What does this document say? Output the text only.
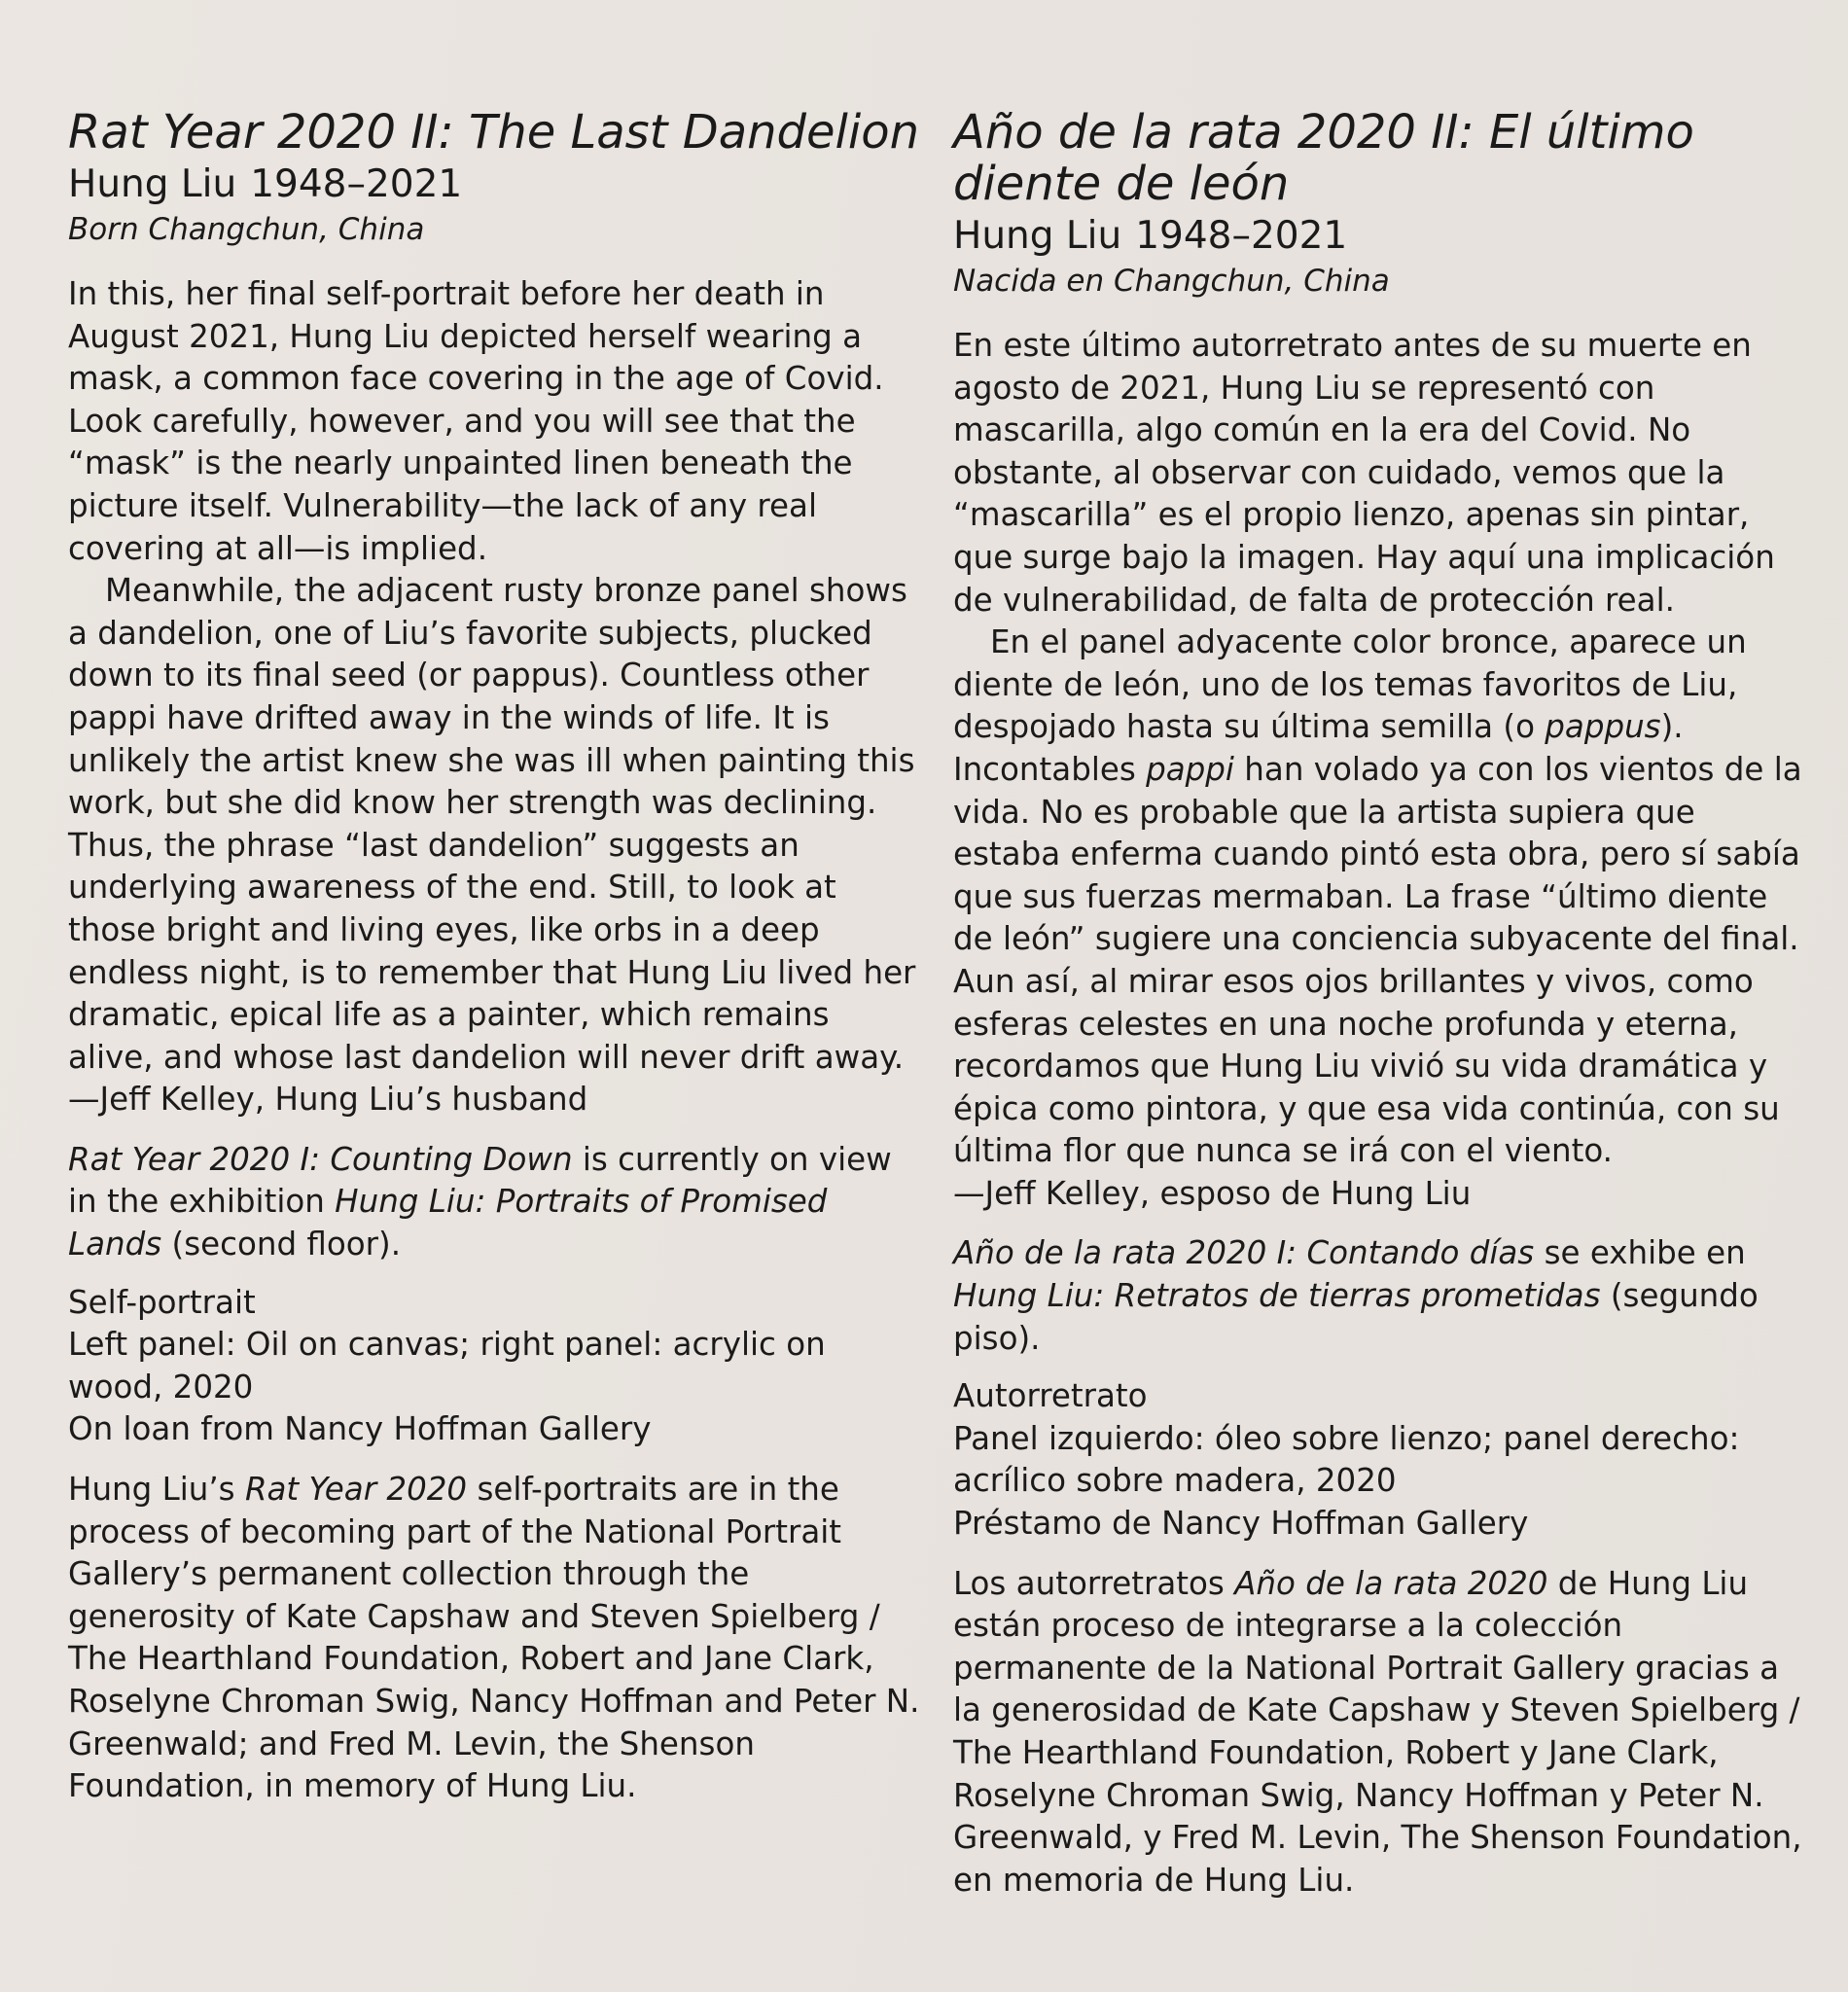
Rat Year 2020 II: The Last Dandelion

Hung Liu 1948–2021

Born Changchun, China

In this, her final self-portrait before her death in August 2021, Hung Liu depicted herself wearing a mask, a common face covering in the age of Covid. Look carefully, however, and you will see that the “mask” is the nearly unpainted linen beneath the picture itself. Vulnerability—the lack of any real covering at all—is implied.

Meanwhile, the adjacent rusty bronze panel shows a dandelion, one of Liu’s favorite subjects, plucked down to its final seed (or pappus). Countless other pappi have drifted away in the winds of life. It is unlikely the artist knew she was ill when painting this work, but she did know her strength was declining. Thus, the phrase “last dandelion” suggests an underlying awareness of the end. Still, to look at those bright and living eyes, like orbs in a deep endless night, is to remember that Hung Liu lived her dramatic, epical life as a painter, which remains alive, and whose last dandelion will never drift away.

—Jeff Kelley, Hung Liu’s husband

Rat Year 2020 I: Counting Down is currently on view in the exhibition Hung Liu: Portraits of Promised Lands (second floor).

Self-portrait
Left panel: Oil on canvas; right panel: acrylic on wood, 2020
On loan from Nancy Hoffman Gallery

Hung Liu’s Rat Year 2020 self-portraits are in the process of becoming part of the National Portrait Gallery’s permanent collection through the generosity of Kate Capshaw and Steven Spielberg / The Hearthland Foundation, Robert and Jane Clark, Roselyne Chroman Swig, Nancy Hoffman and Peter N. Greenwald; and Fred M. Levin, the Shenson Foundation, in memory of Hung Liu.

Año de la rata 2020 II: El último diente de león

Hung Liu 1948–2021

Nacida en Changchun, China

En este último autorretrato antes de su muerte en agosto de 2021, Hung Liu se representó con mascarilla, algo común en la era del Covid. No obstante, al observar con cuidado, vemos que la “mascarilla” es el propio lienzo, apenas sin pintar, que surge bajo la imagen. Hay aquí una implicación de vulnerabilidad, de falta de protección real.

En el panel adyacente color bronce, aparece un diente de león, uno de los temas favoritos de Liu, despojado hasta su última semilla (o pappus). Incontables pappi han volado ya con los vientos de la vida. No es probable que la artista supiera que estaba enferma cuando pintó esta obra, pero sí sabía que sus fuerzas mermaban. La frase “último diente de león” sugiere una conciencia subyacente del final. Aun así, al mirar esos ojos brillantes y vivos, como esferas celestes en una noche profunda y eterna, recordamos que Hung Liu vivió su vida dramática y épica como pintora, y que esa vida continúa, con su última flor que nunca se irá con el viento.

—Jeff Kelley, esposo de Hung Liu

Año de la rata 2020 I: Contando días se exhibe en Hung Liu: Retratos de tierras prometidas (segundo piso).

Autorretrato
Panel izquierdo: óleo sobre lienzo; panel derecho: acrílico sobre madera, 2020
Préstamo de Nancy Hoffman Gallery

Los autorretratos Año de la rata 2020 de Hung Liu están proceso de integrarse a la colección permanente de la National Portrait Gallery gracias a la generosidad de Kate Capshaw y Steven Spielberg / The Hearthland Foundation, Robert y Jane Clark, Roselyne Chroman Swig, Nancy Hoffman y Peter N. Greenwald, y Fred M. Levin, The Shenson Foundation, en memoria de Hung Liu.
